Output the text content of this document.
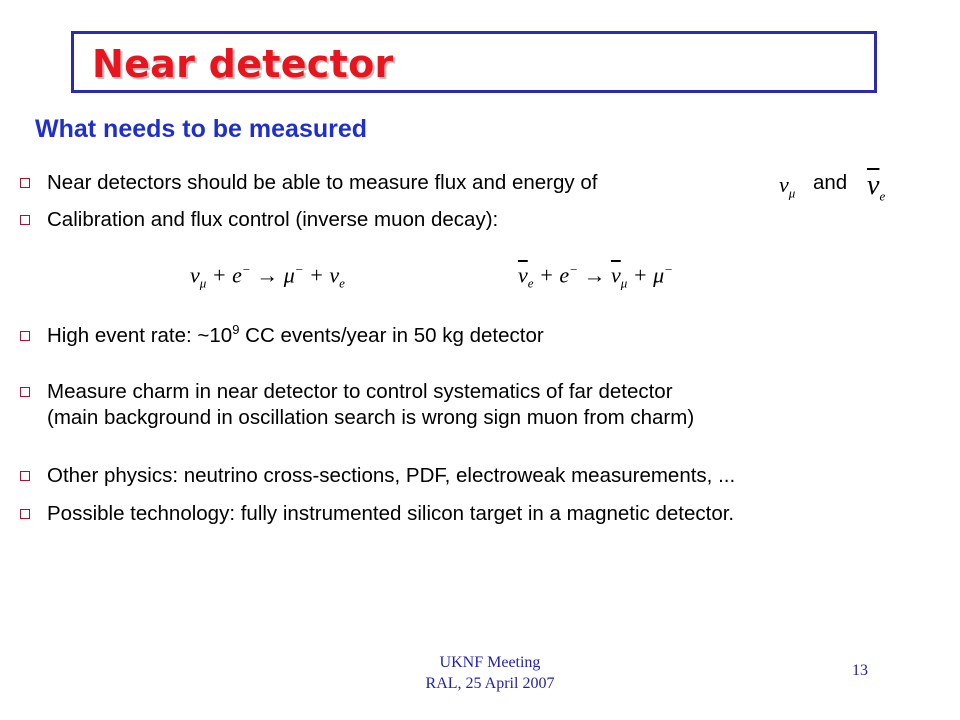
Near detector
What needs to be measured
Near detectors should be able to measure flux and energy of	and
$\nu_\mu$	$\overline{\nu}_e$
Calibration and flux control (inverse muon decay):
$\nu_\mu + e^- \to \mu^- + \nu_e$	$\overline{\nu}_e + e^- \to \overline{\nu}_\mu + \mu^-$
High event rate: $\sim 10^9$ CC events/year in 50 kg detector
Measure charm in near detector to control systematics of far detector
(main background in oscillation search is wrong sign muon from charm)
Other physics: neutrino cross-sections, PDF, electroweak measurements, ...
Possible technology: fully instrumented silicon target in a magnetic detector.
UKNF Meeting
RAL, 25 April 2007
13
